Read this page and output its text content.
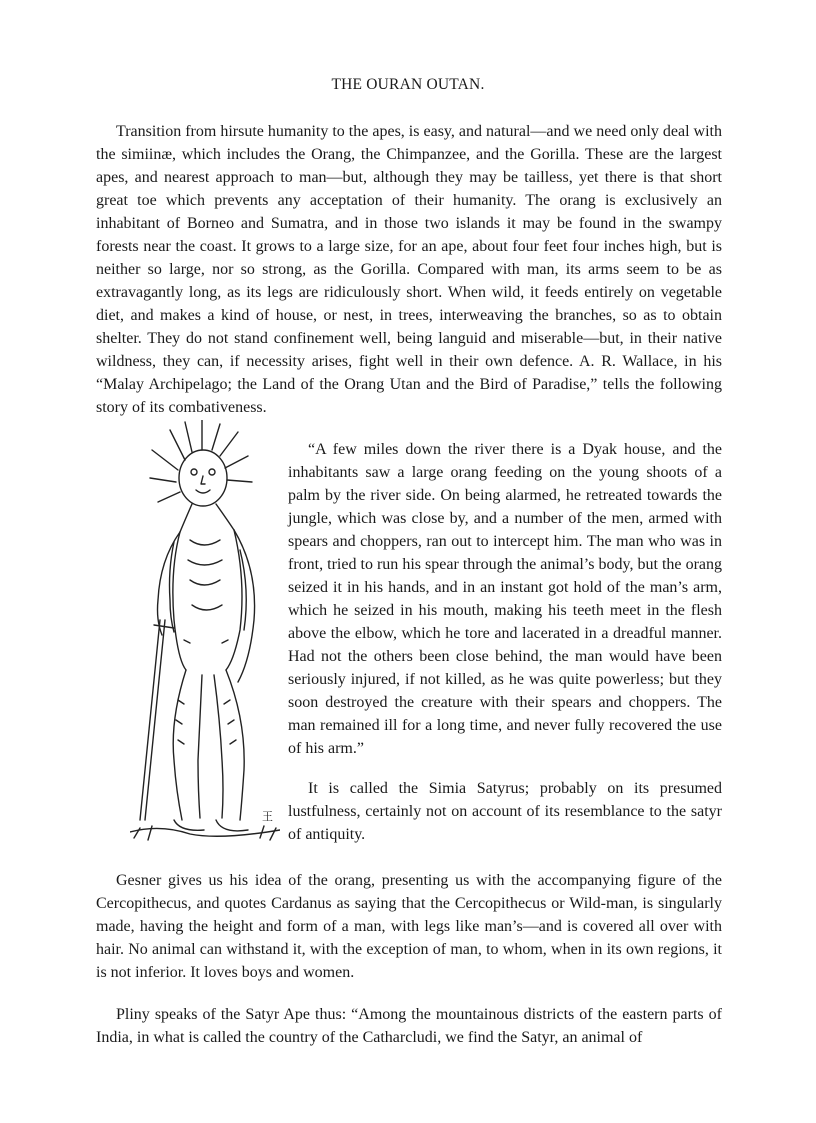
THE OURAN OUTAN.

Transition from hirsute humanity to the apes, is easy, and natural—and we need only deal with the simiinæ, which includes the Orang, the Chimpanzee, and the Gorilla. These are the largest apes, and nearest approach to man—but, although they may be tailless, yet there is that short great toe which prevents any acceptation of their humanity. The orang is exclusively an inhabitant of Borneo and Sumatra, and in those two islands it may be found in the swampy forests near the coast. It grows to a large size, for an ape, about four feet four inches high, but is neither so large, nor so strong, as the Gorilla. Compared with man, its arms seem to be as extravagantly long, as its legs are ridiculously short. When wild, it feeds entirely on vegetable diet, and makes a kind of house, or nest, in trees, interweaving the branches, so as to obtain shelter. They do not stand confinement well, being languid and miserable—but, in their native wildness, they can, if necessity arises, fight well in their own defence. A. R. Wallace, in his “Malay Archipelago; the Land of the Orang Utan and the Bird of Paradise,” tells the following story of its combativeness.

王

“A few miles down the river there is a Dyak house, and the inhabitants saw a large orang feeding on the young shoots of a palm by the river side. On being alarmed, he retreated towards the jungle, which was close by, and a number of the men, armed with spears and choppers, ran out to intercept him. The man who was in front, tried to run his spear through the animal’s body, but the orang seized it in his hands, and in an instant got hold of the man’s arm, which he seized in his mouth, making his teeth meet in the flesh above the elbow, which he tore and lacerated in a dreadful manner. Had not the others been close behind, the man would have been seriously injured, if not killed, as he was quite powerless; but they soon destroyed the creature with their spears and choppers. The man remained ill for a long time, and never fully recovered the use of his arm.”

It is called the Simia Satyrus; probably on its presumed lustfulness, certainly not on account of its resemblance to the satyr of antiquity.

Gesner gives us his idea of the orang, presenting us with the accompanying figure of the Cercopithecus, and quotes Cardanus as saying that the Cercopithecus or Wild-man, is singularly made, having the height and form of a man, with legs like man’s—and is covered all over with hair. No animal can withstand it, with the exception of man, to whom, when in its own regions, it is not inferior. It loves boys and women.

Pliny speaks of the Satyr Ape thus: “Among the mountainous districts of the eastern parts of India, in what is called the country of the Catharcludi, we find the Satyr, an animal of
